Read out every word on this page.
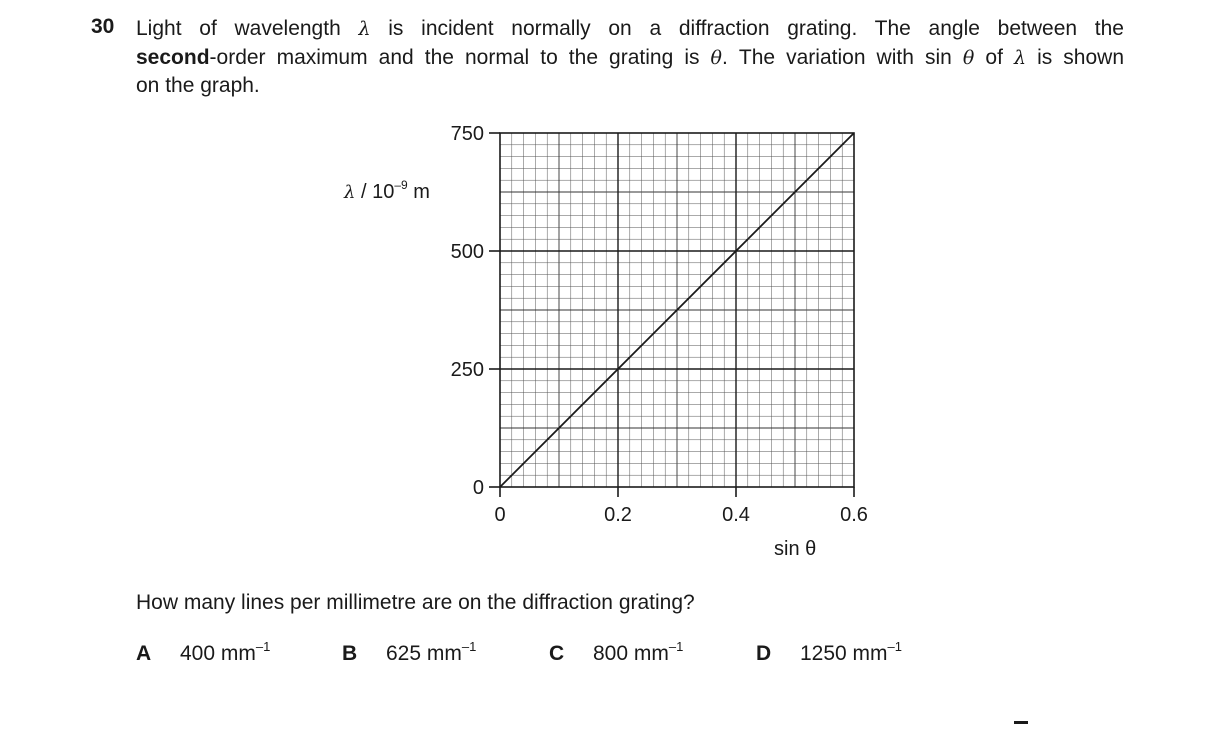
30 Light of wavelength λ is incident normally on a diffraction grating. The angle between the
second-order maximum and the normal to the grating is θ. The variation with sin θ of λ is shown
on the graph.
0	0.2	0.4	0.6
0
250
500
750
λ / $10^{-9}$ m
sin θ
How many lines per millimetre are on the diffraction grating?
A 400 $mm^{-1}$	B 625 $mm^{-1}$	C 800 $mm^{-1}$	D 1250 $mm^{-1}$
